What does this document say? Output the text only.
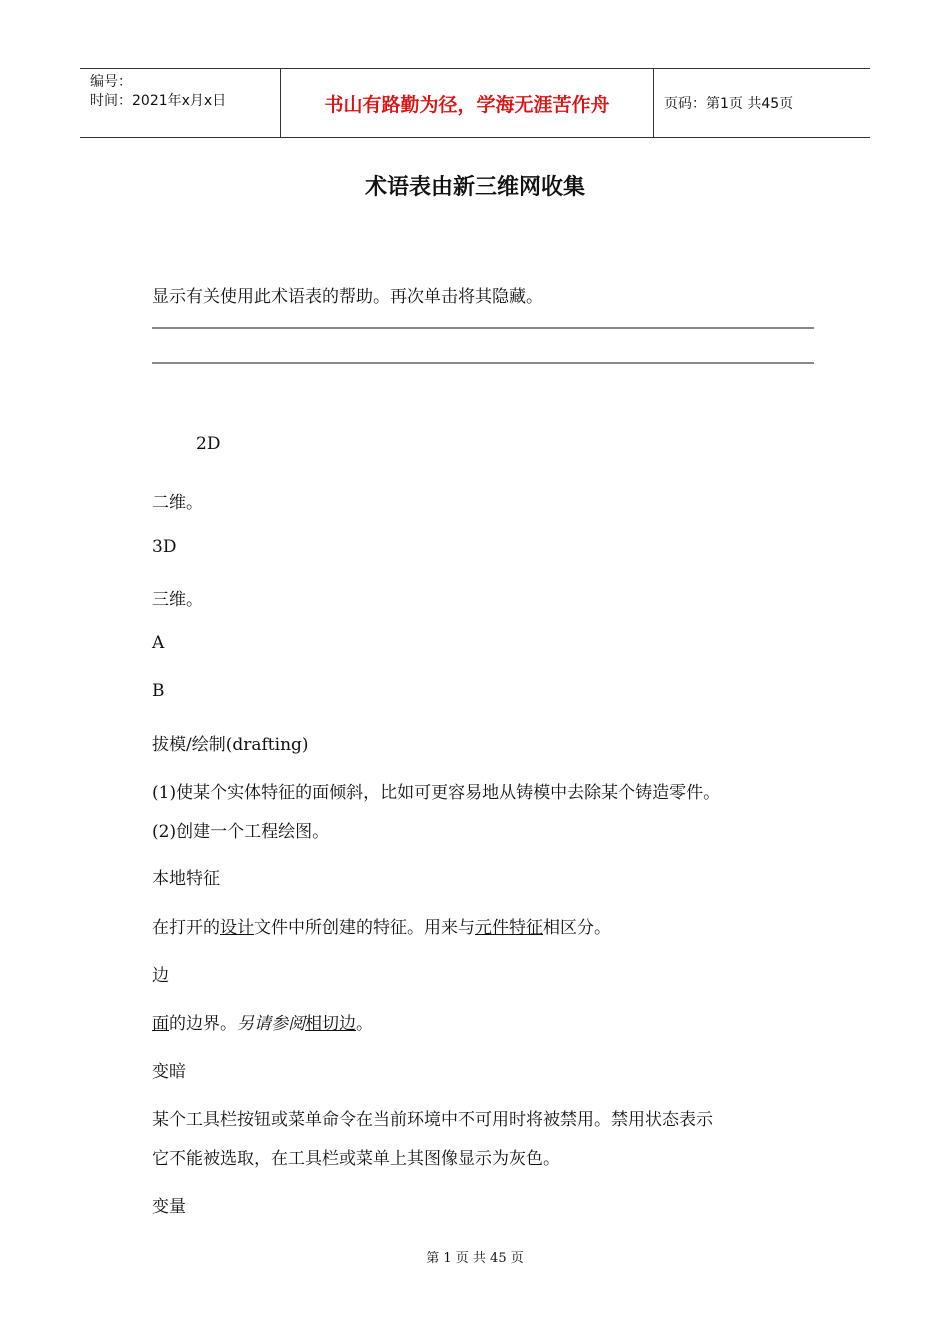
编号：
时间：2021年x月x日	书山有路勤为径，学海无涯苦作舟	页码：第1页 共45页
术语表由新三维网收集
显示有关使用此术语表的帮助。再次单击将其隐藏。
2D
二维。
3D
三维。
A
B
拔模/绘制(drafting)
(1)使某个实体特征的面倾斜，比如可更容易地从铸模中去除某个铸造零件。
(2)创建一个工程绘图。
本地特征
在打开的设计文件中所创建的特征。用来与元件特征相区分。
边
面的边界。另请参阅相切边。
变暗
某个工具栏按钮或菜单命令在当前环境中不可用时将被禁用。禁用状态表示
它不能被选取，在工具栏或菜单上其图像显示为灰色。
变量
第 1 页 共 45 页
